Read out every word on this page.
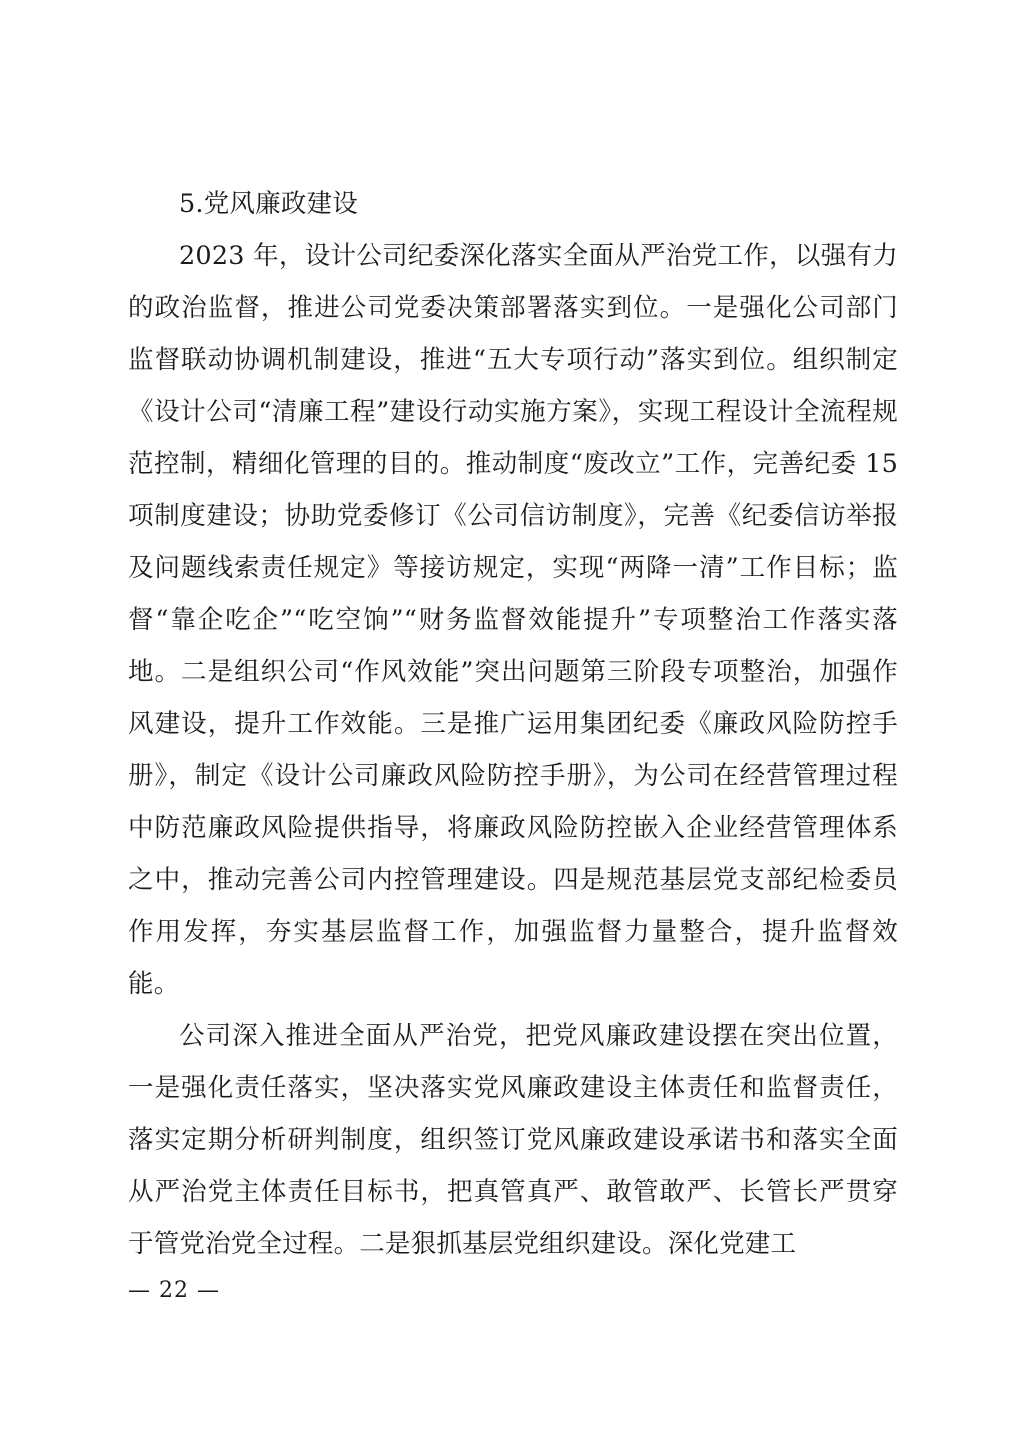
5.党风廉政建设

2023 年，设计公司纪委深化落实全面从严治党工作，以强有力的政治监督，推进公司党委决策部署落实到位。一是强化公司部门监督联动协调机制建设，推进“五大专项行动”落实到位。组织制定《设计公司“清廉工程”建设行动实施方案》，实现工程设计全流程规范控制，精细化管理的目的。推动制度“废改立”工作，完善纪委 15 项制度建设；协助党委修订《公司信访制度》，完善《纪委信访举报及问题线索责任规定》等接访规定，实现“两降一清”工作目标；监督“靠企吃企”“吃空饷”“财务监督效能提升”专项整治工作落实落地。二是组织公司“作风效能”突出问题第三阶段专项整治，加强作风建设，提升工作效能。三是推广运用集团纪委《廉政风险防控手册》，制定《设计公司廉政风险防控手册》，为公司在经营管理过程中防范廉政风险提供指导，将廉政风险防控嵌入企业经营管理体系之中，推动完善公司内控管理建设。四是规范基层党支部纪检委员作用发挥，夯实基层监督工作，加强监督力量整合，提升监督效能。

公司深入推进全面从严治党，把党风廉政建设摆在突出位置，一是强化责任落实，坚决落实党风廉政建设主体责任和监督责任，落实定期分析研判制度，组织签订党风廉政建设承诺书和落实全面从严治党主体责任目标书，把真管真严、敢管敢严、长管长严贯穿于管党治党全过程。二是狠抓基层党组织建设。深化党建工

— 22 —
